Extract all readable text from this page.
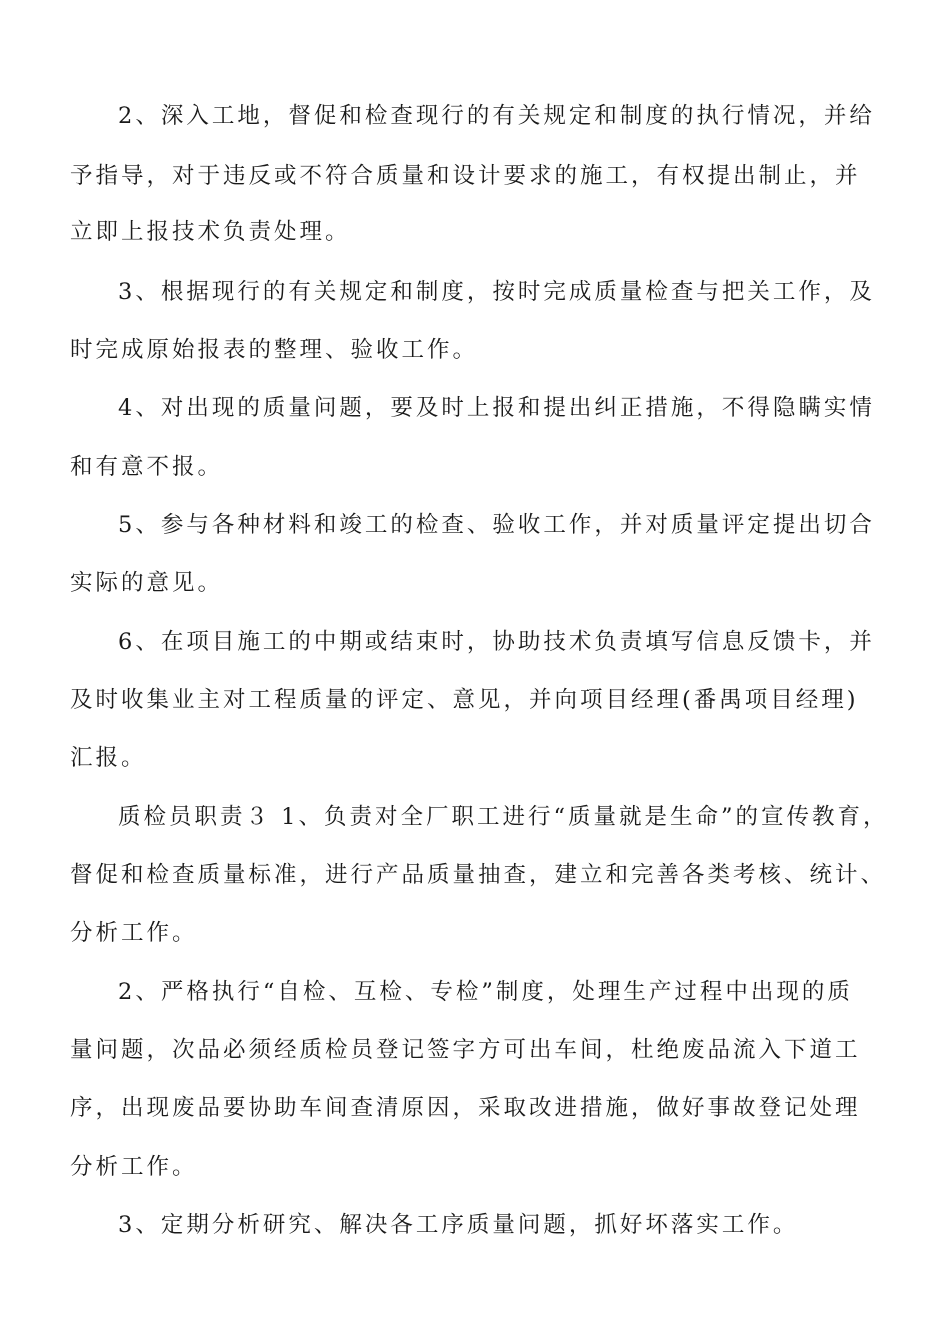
2、深入工地，督促和检查现行的有关规定和制度的执行情况，并给
予指导，对于违反或不符合质量和设计要求的施工，有权提出制止，并
立即上报技术负责处理。
3、根据现行的有关规定和制度，按时完成质量检查与把关工作，及
时完成原始报表的整理、验收工作。
4、对出现的质量问题，要及时上报和提出纠正措施，不得隐瞒实情
和有意不报。
5、参与各种材料和竣工的检查、验收工作，并对质量评定提出切合
实际的意见。
6、在项目施工的中期或结束时，协助技术负责填写信息反馈卡，并
及时收集业主对工程质量的评定、意见，并向项目经理(番禺项目经理)
汇报。
质检员职责３ 1、负责对全厂职工进行“质量就是生命”的宣传教育，
督促和检查质量标准，进行产品质量抽查，建立和完善各类考核、统计、
分析工作。
2、严格执行“自检、互检、专检”制度，处理生产过程中出现的质
量问题，次品必须经质检员登记签字方可出车间，杜绝废品流入下道工
序，出现废品要协助车间查清原因，采取改进措施，做好事故登记处理
分析工作。
3、定期分析研究、解决各工序质量问题，抓好坏落实工作。
